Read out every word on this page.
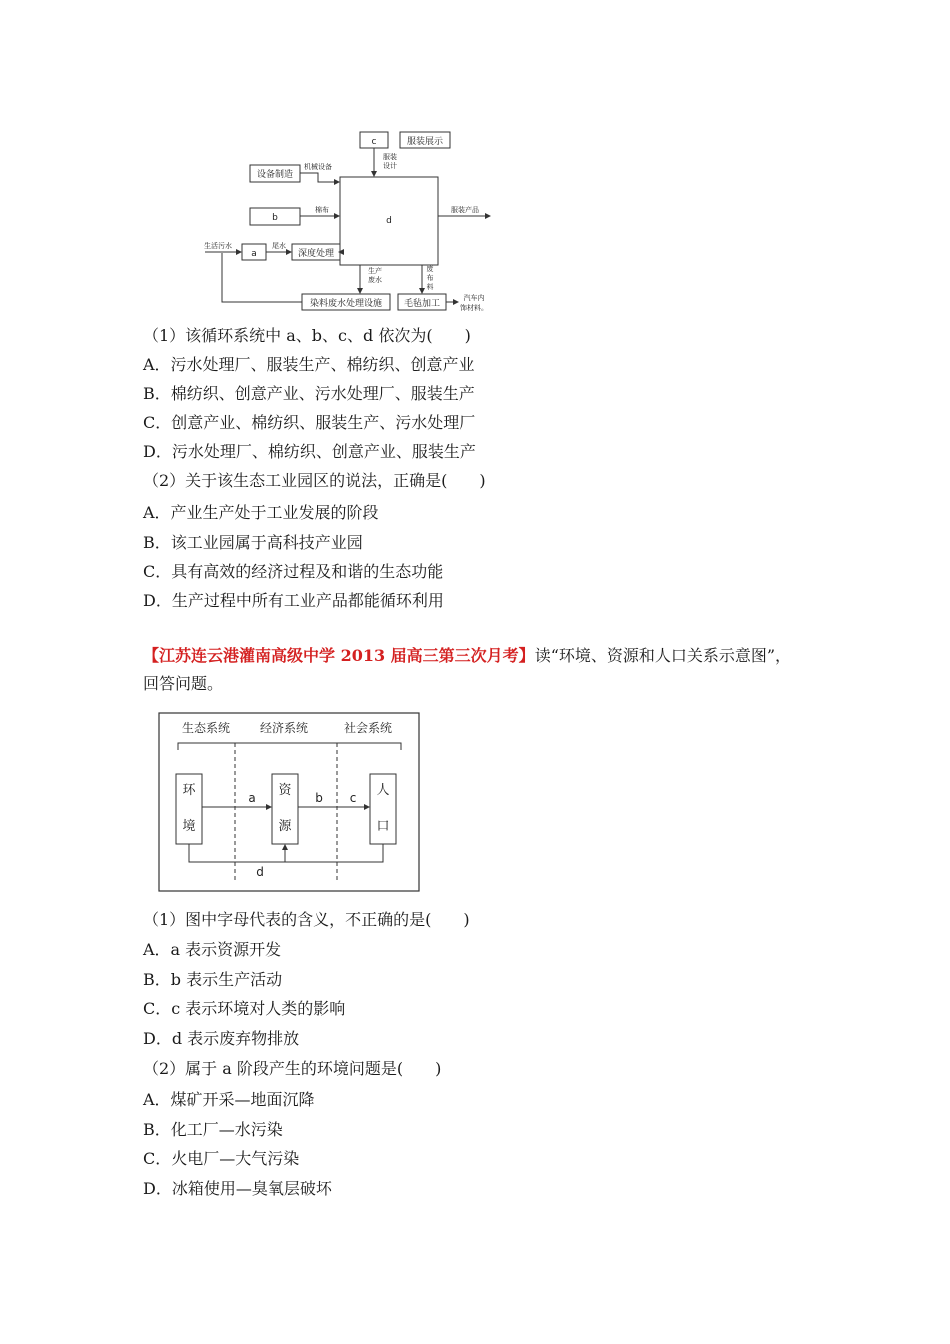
c	服装展示
服装
设计
设备制造
机械设备
b
棉布
d
服装产品
生活污水
a
尾水
深度处理
生产
废水
废
布
料
染料废水处理设施 毛毡加工
汽车内
饰材料。
（1）该循环系统中 a、b、c、d 依次为(　　)
A．污水处理厂、服装生产、棉纺织、创意产业
B．棉纺织、创意产业、污水处理厂、服装生产
C．创意产业、棉纺织、服装生产、污水处理厂
D．污水处理厂、棉纺织、创意产业、服装生产
（2）关于该生态工业园区的说法，正确是(　　)
A．产业生产处于工业发展的阶段
B．该工业园属于高科技产业园
C．具有高效的经济过程及和谐的生态功能
D．生产过程中所有工业产品都能循环利用
【江苏连云港灌南高级中学 2013 届高三第三次月考】读“环境、资源和人口关系示意图”，
回答问题。
生态系统 经济系统	社会系统
环
境
资
源
人
口
a	b c
d
（1）图中字母代表的含义，不正确的是(　　)
A．a 表示资源开发
B．b 表示生产活动
C．c 表示环境对人类的影响
D．d 表示废弃物排放
（2）属于 a 阶段产生的环境问题是(　　)
A．煤矿开采—地面沉降
B．化工厂—水污染
C．火电厂—大气污染
D．冰箱使用—臭氧层破坏
